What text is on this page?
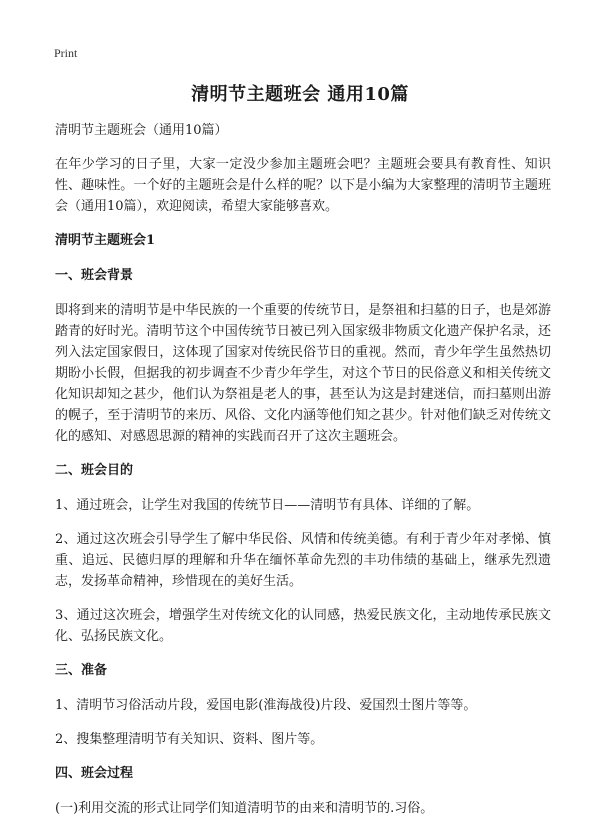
Print
清明节主题班会 通用10篇

清明节主题班会（通用10篇）

在年少学习的日子里，大家一定没少参加主题班会吧？主题班会要具有教育性、知识性、趣味性。一个好的主题班会是什么样的呢？以下是小编为大家整理的清明节主题班会（通用10篇），欢迎阅读，希望大家能够喜欢。

清明节主题班会1

一、班会背景

即将到来的清明节是中华民族的一个重要的传统节日，是祭祖和扫墓的日子，也是郊游踏青的好时光。清明节这个中国传统节日被已列入国家级非物质文化遗产保护名录，还列入法定国家假日，这体现了国家对传统民俗节日的重视。然而，青少年学生虽然热切期盼小长假，但据我的初步调查不少青少年学生，对这个节日的民俗意义和相关传统文化知识却知之甚少，他们认为祭祖是老人的事，甚至认为这是封建迷信，而扫墓则出游的幌子，至于清明节的来历、风俗、文化内涵等他们知之甚少。针对他们缺乏对传统文化的感知、对感恩思源的精神的实践而召开了这次主题班会。

二、班会目的

1、通过班会，让学生对我国的传统节日——清明节有具体、详细的了解。

2、通过这次班会引导学生了解中华民俗、风情和传统美德。有利于青少年对孝悌、慎重、追远、民德归厚的理解和升华在缅怀革命先烈的丰功伟绩的基础上，继承先烈遗志，发扬革命精神，珍惜现在的美好生活。

3、通过这次班会，增强学生对传统文化的认同感，热爱民族文化，主动地传承民族文化、弘扬民族文化。

三、准备

1、清明节习俗活动片段，爱国电影(淮海战役)片段、爱国烈士图片等等。

2、搜集整理清明节有关知识、资料、图片等。

四、班会过程

(一)利用交流的形式让同学们知道清明节的由来和清明节的.习俗。
